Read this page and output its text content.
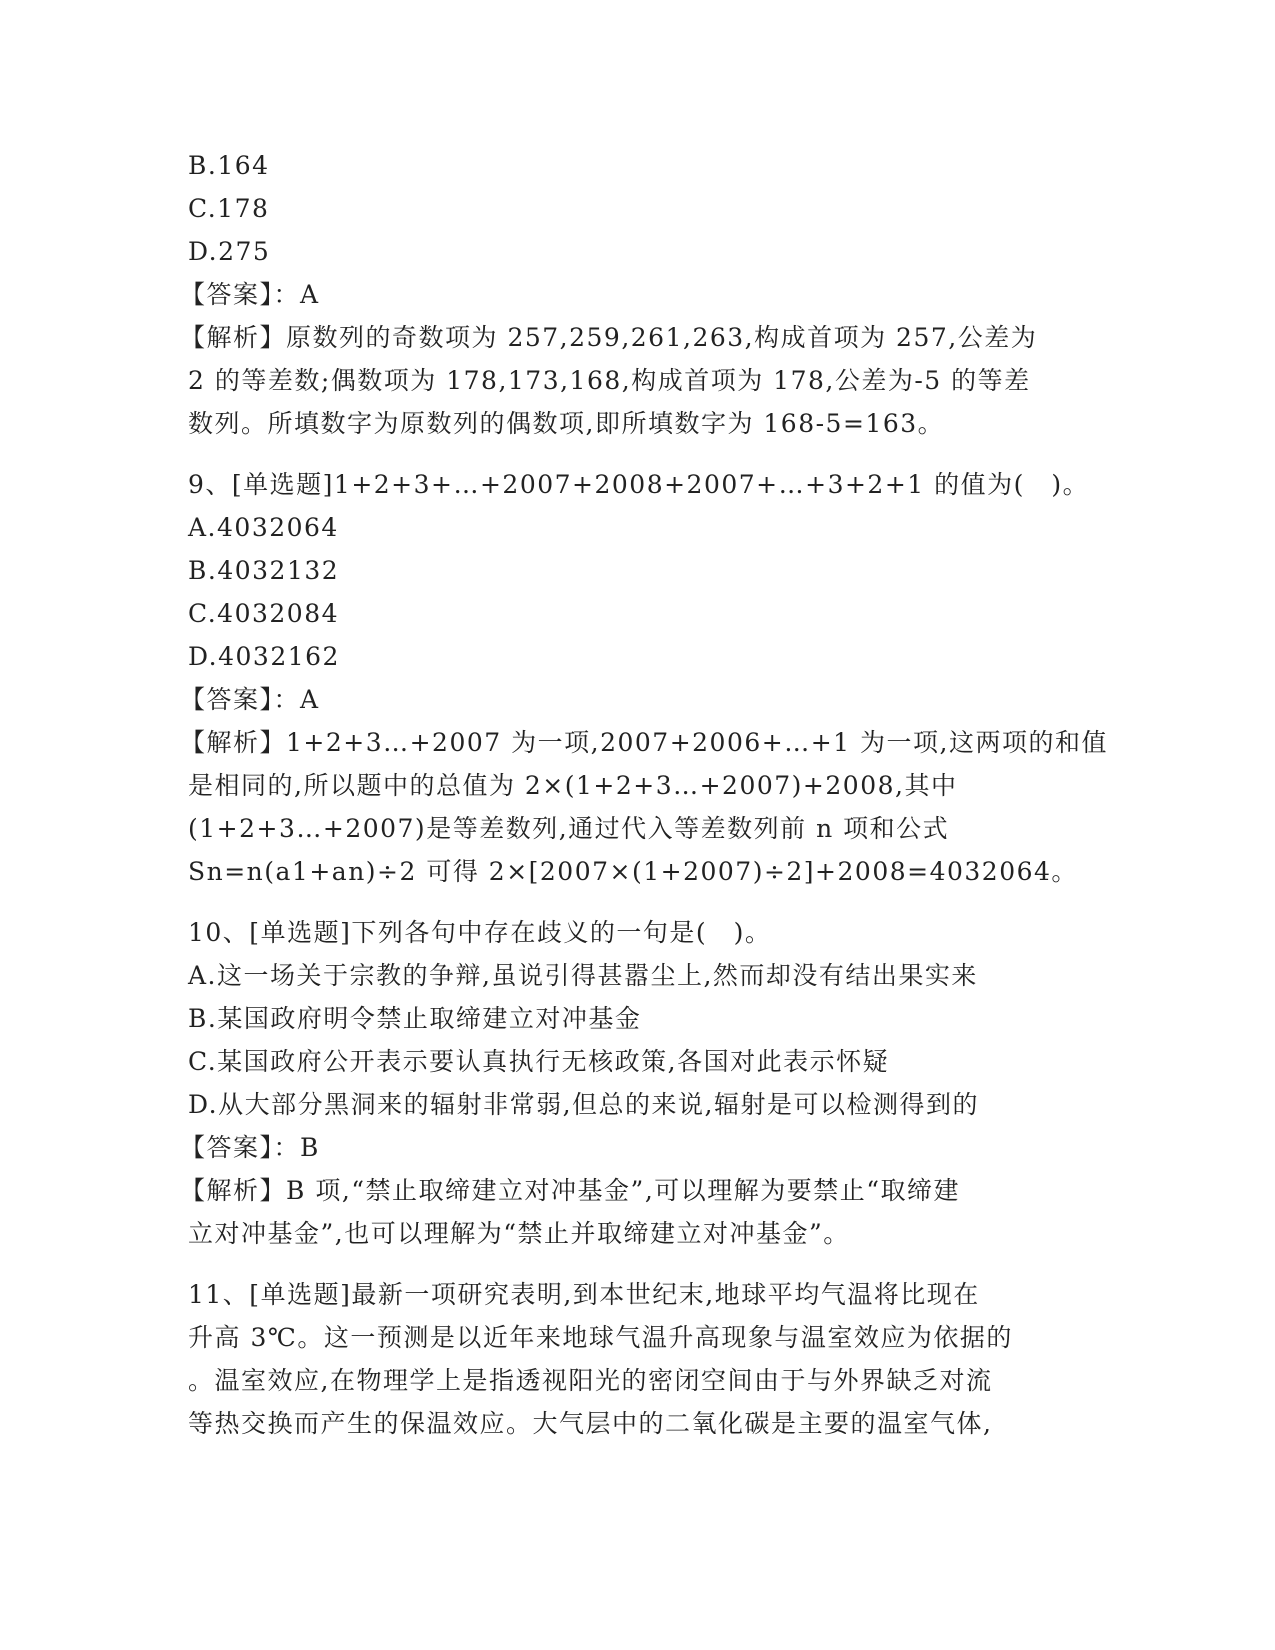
B.164
C.178
D.275
【答案】：A
【解析】原数列的奇数项为 257,259,261,263,构成首项为 257,公差为
2 的等差数;偶数项为 178,173,168,构成首项为 178,公差为-5 的等差
数列。所填数字为原数列的偶数项,即所填数字为 168-5=163。
9、[单选题]1+2+3+…+2007+2008+2007+…+3+2+1 的值为(　)。
A.4032064
B.4032132
C.4032084
D.4032162
【答案】：A
【解析】1+2+3…+2007 为一项,2007+2006+…+1 为一项,这两项的和值
是相同的,所以题中的总值为 2×(1+2+3…+2007)+2008,其中
(1+2+3…+2007)是等差数列,通过代入等差数列前 n 项和公式
Sn=n(a1+an)÷2 可得 2×[2007×(1+2007)÷2]+2008=4032064。
10、[单选题]下列各句中存在歧义的一句是(　)。
A.这一场关于宗教的争辩,虽说引得甚嚣尘上,然而却没有结出果实来
B.某国政府明令禁止取缔建立对冲基金
C.某国政府公开表示要认真执行无核政策,各国对此表示怀疑
D.从大部分黑洞来的辐射非常弱,但总的来说,辐射是可以检测得到的
【答案】：B
【解析】B 项,“禁止取缔建立对冲基金”,可以理解为要禁止“取缔建
立对冲基金”,也可以理解为“禁止并取缔建立对冲基金”。
11、[单选题]最新一项研究表明,到本世纪末,地球平均气温将比现在
升高 3℃。这一预测是以近年来地球气温升高现象与温室效应为依据的
。温室效应,在物理学上是指透视阳光的密闭空间由于与外界缺乏对流
等热交换而产生的保温效应。大气层中的二氧化碳是主要的温室气体,
